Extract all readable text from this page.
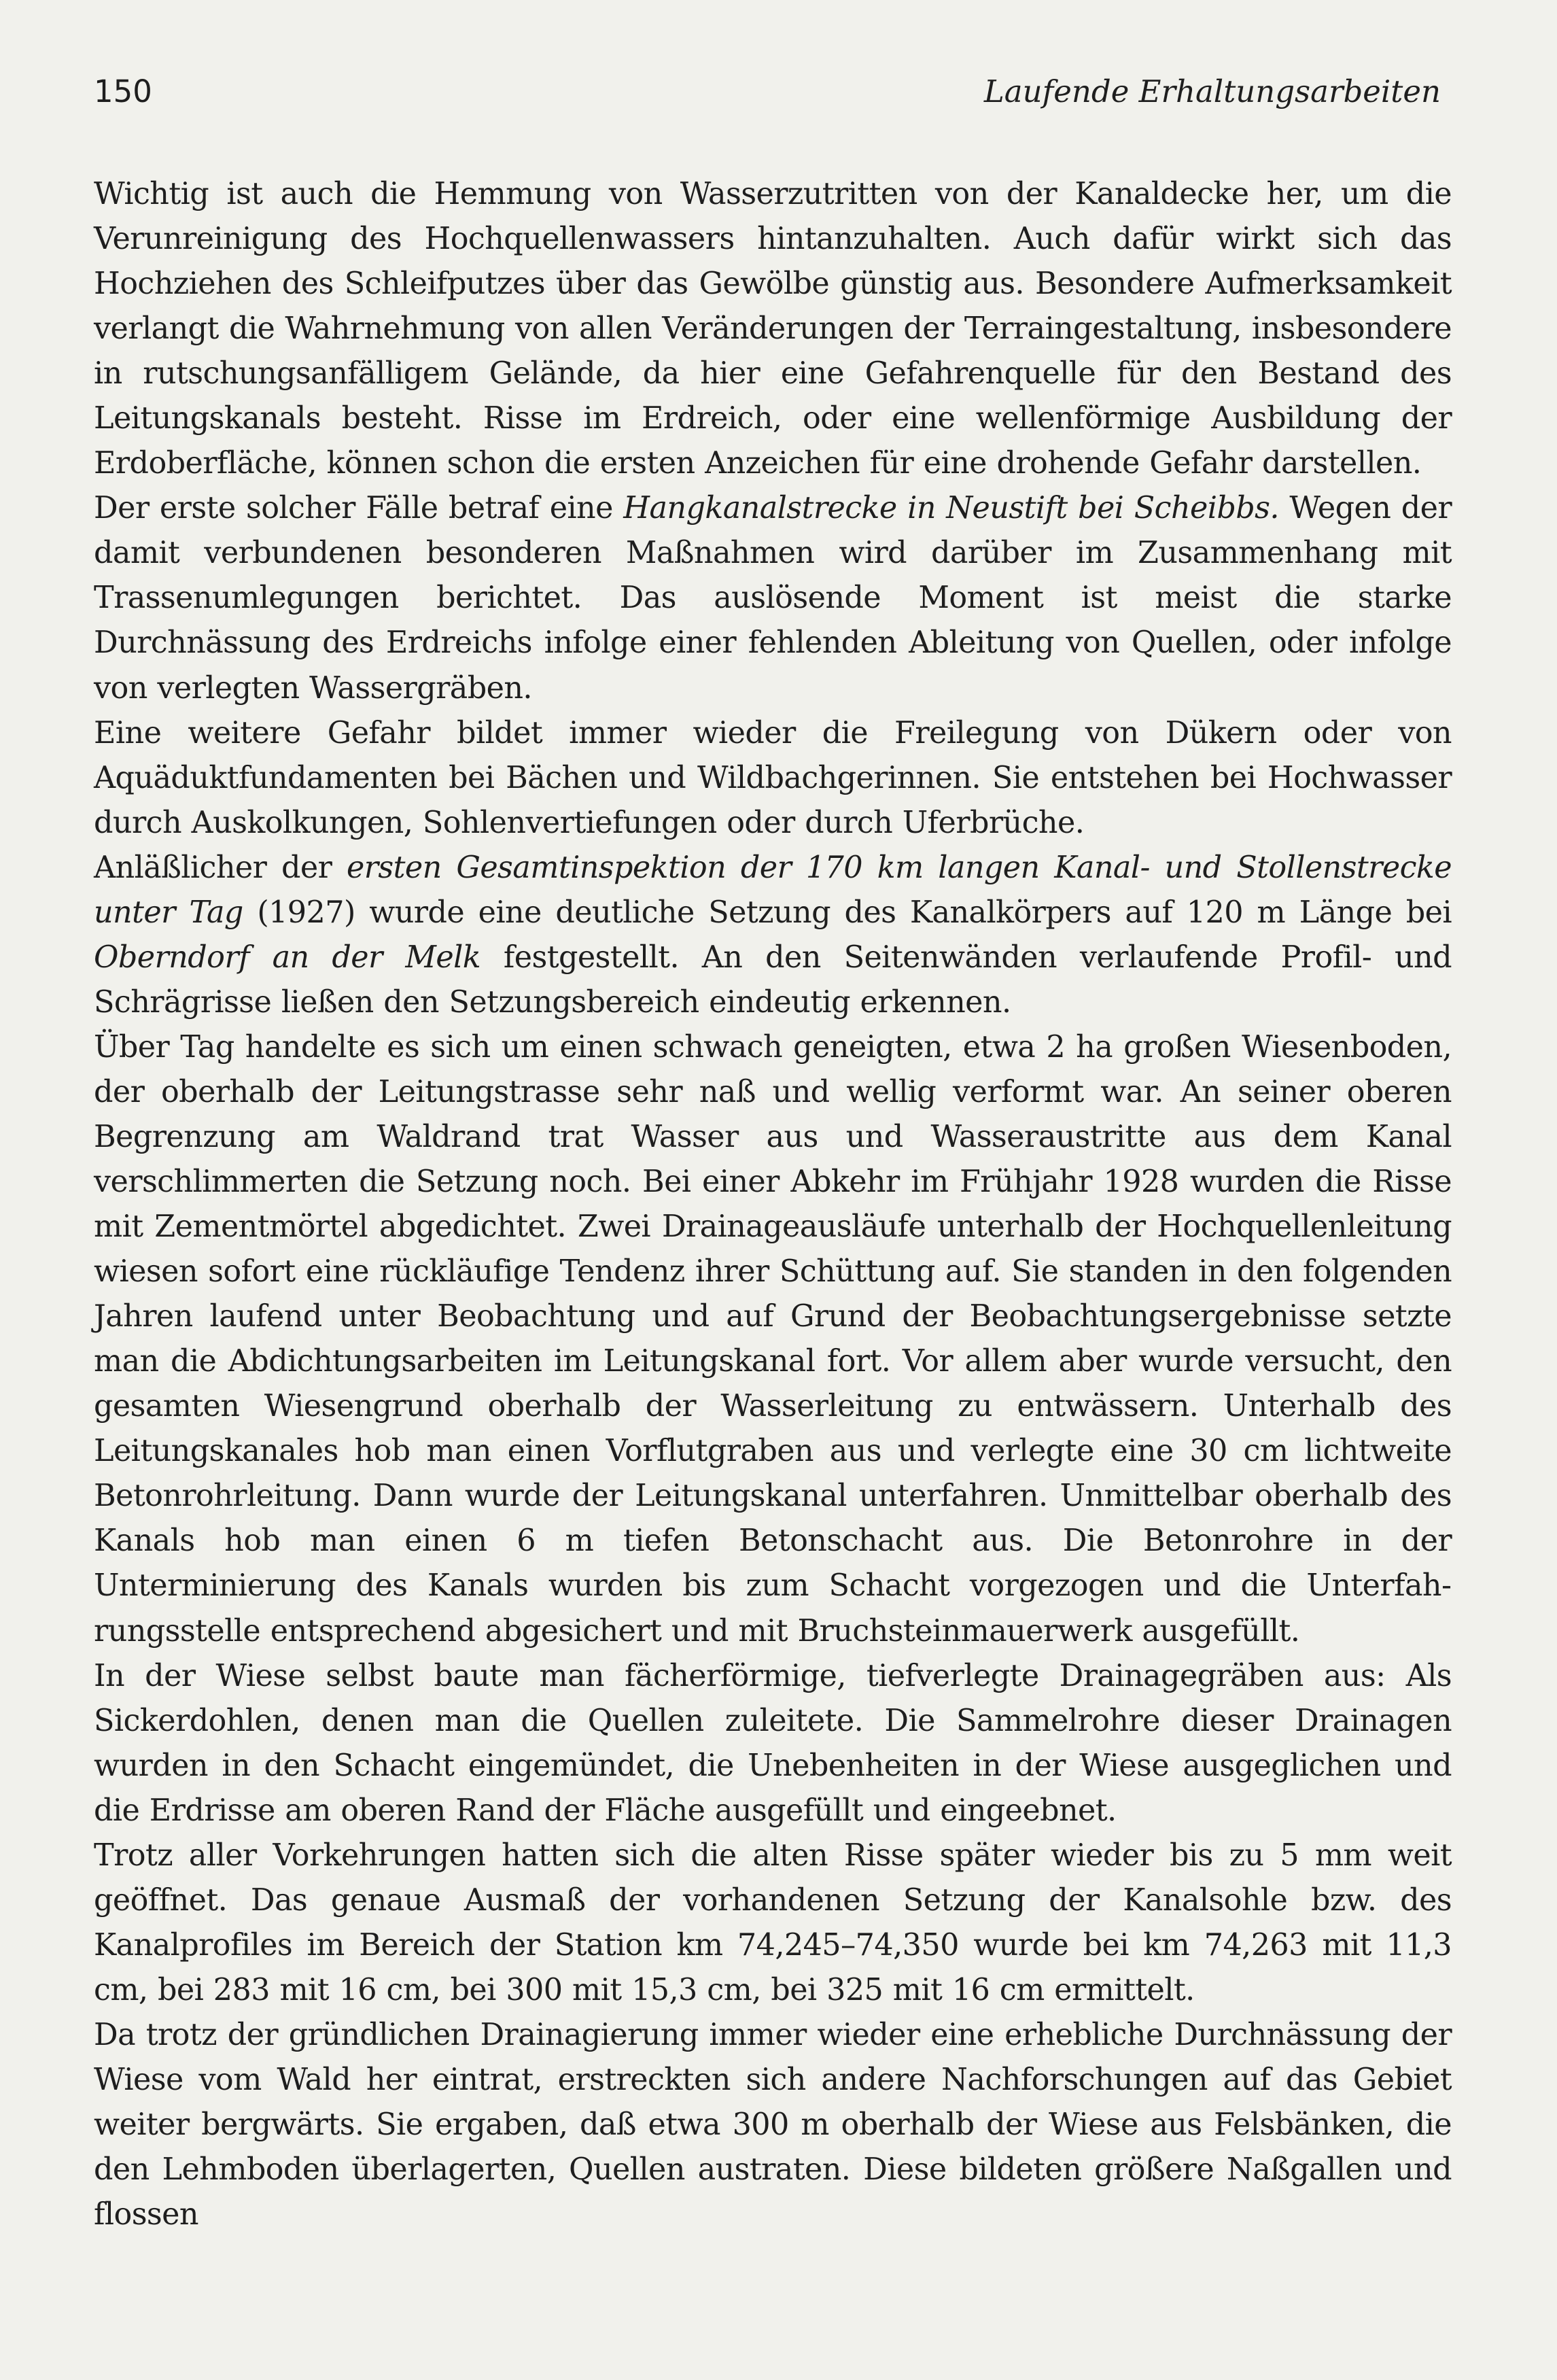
150	Laufende Erhaltungsarbeiten

Wichtig ist auch die Hemmung von Wasserzutritten von der Kanaldecke her, um die Verunreinigung des Hochquellenwassers hintanzuhalten. Auch dafür wirkt sich das Hochziehen des Schleifputzes über das Gewölbe günstig aus. Besondere Aufmerksamkeit verlangt die Wahrnehmung von allen Veränderungen der Terraingestaltung, insbesondere in rutschungsanfälligem Gelände, da hier eine Gefahrenquelle für den Bestand des Leitungskanals besteht. Risse im Erdreich, oder eine wellenförmige Ausbildung der Erdoberfläche, können schon die ersten Anzeichen für eine drohende Gefahr darstellen.

Der erste solcher Fälle betraf eine Hangkanalstrecke in Neustift bei Scheibbs. Wegen der damit verbundenen besonderen Maßnahmen wird darüber im Zusammenhang mit Trassenumlegungen berichtet. Das auslösende Moment ist meist die starke Durchnässung des Erdreichs infolge einer fehlenden Ableitung von Quellen, oder infolge von verlegten Wassergräben.

Eine weitere Gefahr bildet immer wieder die Freilegung von Dükern oder von Aquäduktfundamenten bei Bächen und Wildbachgerinnen. Sie entstehen bei Hochwasser durch Auskolkungen, Sohlenvertiefungen oder durch Uferbrüche.

Anläßlicher der ersten Gesamtinspektion der 170 km langen Kanal- und Stollenstrecke unter Tag (1927) wurde eine deutliche Setzung des Kanalkörpers auf 120 m Länge bei Oberndorf an der Melk festgestellt. An den Seitenwänden verlaufende Profil- und Schrägrisse ließen den Setzungsbereich eindeutig erkennen.

Über Tag handelte es sich um einen schwach geneigten, etwa 2 ha großen Wiesenboden, der oberhalb der Leitungstrasse sehr naß und wellig verformt war. An seiner oberen Begrenzung am Waldrand trat Wasser aus und Wasseraustritte aus dem Kanal verschlimmerten die Setzung noch. Bei einer Abkehr im Frühjahr 1928 wurden die Risse mit Zementmörtel abgedichtet. Zwei Drainageausläufe unterhalb der Hochquellenleitung wiesen sofort eine rückläufige Tendenz ihrer Schüttung auf. Sie standen in den folgenden Jahren laufend unter Beobachtung und auf Grund der Beobachtungsergebnisse setzte man die Abdichtungsarbeiten im Leitungskanal fort. Vor allem aber wurde versucht, den gesamten Wiesengrund oberhalb der Wasserleitung zu entwässern. Unterhalb des Leitungskanales hob man einen Vorflutgraben aus und verlegte eine 30 cm lichtweite Betonrohrleitung. Dann wurde der Leitungskanal unterfahren. Unmittelbar oberhalb des Kanals hob man einen 6 m tiefen Betonschacht aus. Die Betonrohre in der Unterminierung des Kanals wurden bis zum Schacht vorgezogen und die Unterfahrungsstelle entsprechend abgesichert und mit Bruchsteinmauerwerk ausgefüllt.

In der Wiese selbst baute man fächerförmige, tiefverlegte Drainagegräben aus: Als Sickerdohlen, denen man die Quellen zuleitete. Die Sammelrohre dieser Drainagen wurden in den Schacht eingemündet, die Unebenheiten in der Wiese ausgeglichen und die Erdrisse am oberen Rand der Fläche ausgefüllt und eingeebnet.

Trotz aller Vorkehrungen hatten sich die alten Risse später wieder bis zu 5 mm weit geöffnet. Das genaue Ausmaß der vorhandenen Setzung der Kanalsohle bzw. des Kanalprofiles im Bereich der Station km 74,245–74,350 wurde bei km 74,263 mit 11,3 cm, bei 283 mit 16 cm, bei 300 mit 15,3 cm, bei 325 mit 16 cm ermittelt.

Da trotz der gründlichen Drainagierung immer wieder eine erhebliche Durchnässung der Wiese vom Wald her eintrat, erstreckten sich andere Nachforschungen auf das Gebiet weiter bergwärts. Sie ergaben, daß etwa 300 m oberhalb der Wiese aus Felsbänken, die den Lehmboden überlagerten, Quellen austraten. Diese bildeten größere Naßgallen und flossen
